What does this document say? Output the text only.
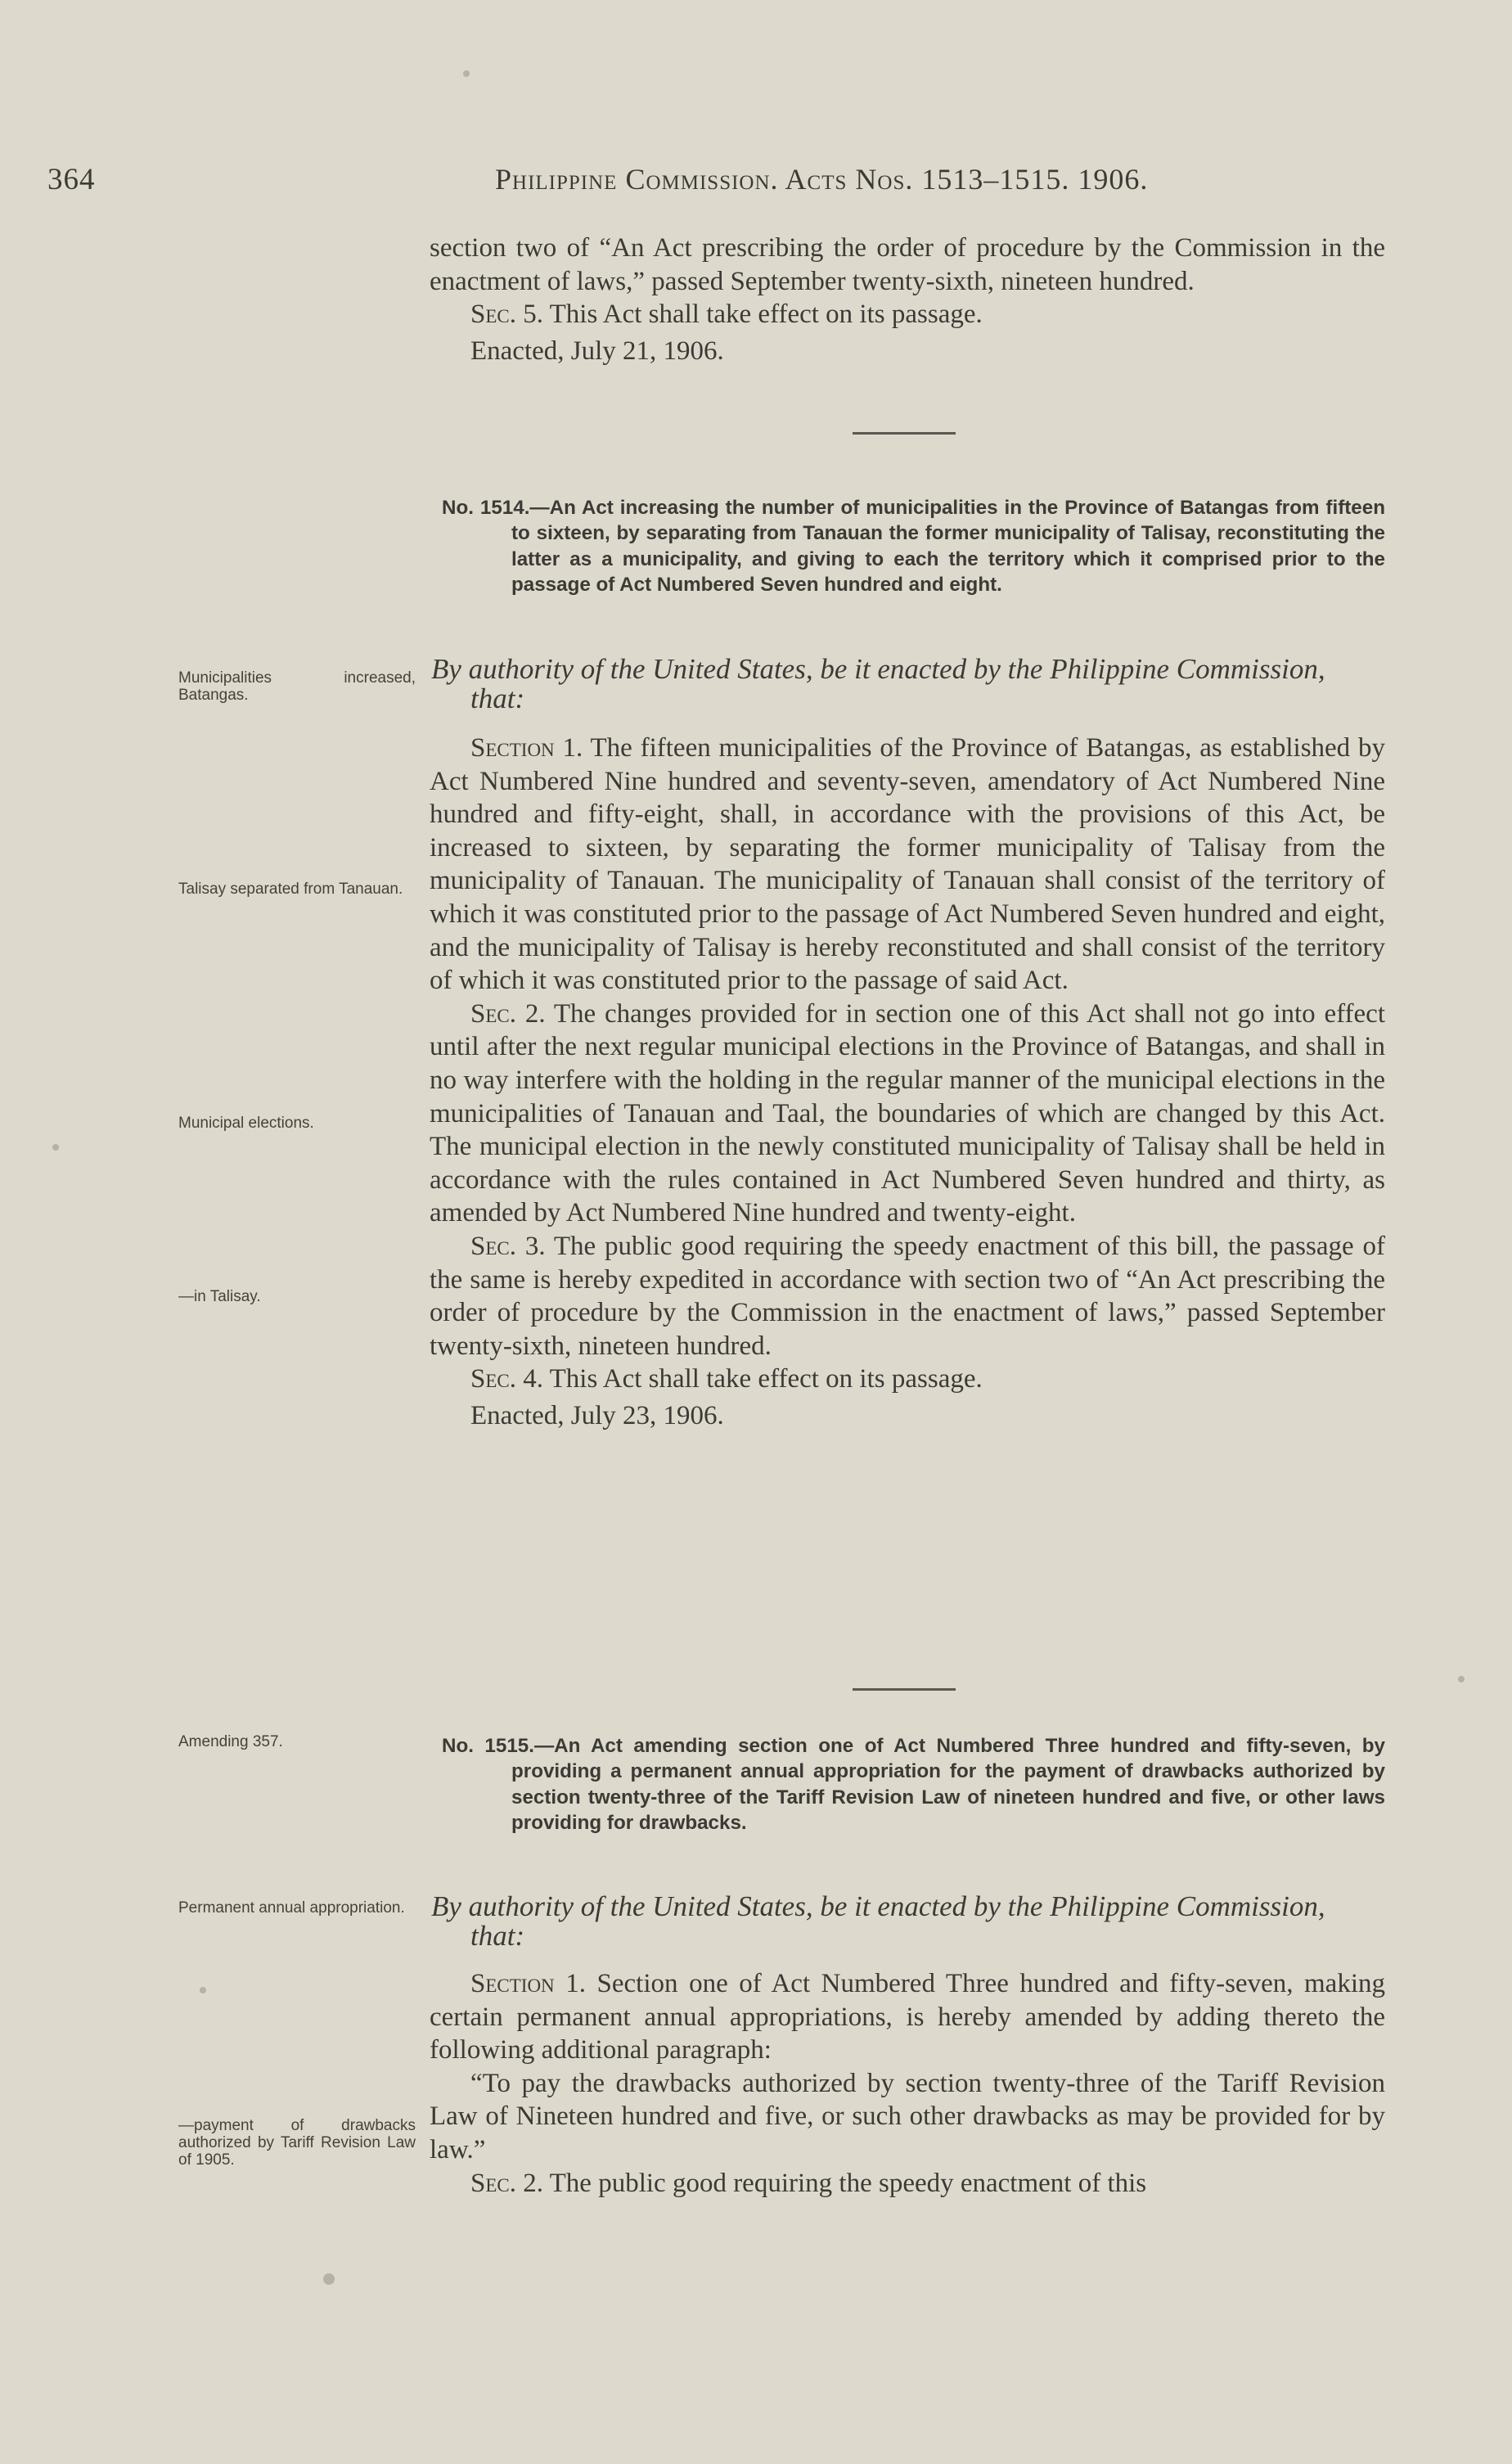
364	Philippine Commission. Acts Nos. 1513–1515. 1906.

section two of “An Act prescribing the order of procedure by the Commission in the enactment of laws,” passed September twenty-sixth, nineteen hundred.

Sec. 5. This Act shall take effect on its passage.

Enacted, July 21, 1906.

No. 1514.—An Act increasing the number of municipalities in the Province of Batangas from fifteen to sixteen, by separating from Tanauan the former municipality of Talisay, reconstituting the latter as a municipality, and giving to each the territory which it comprised prior to the passage of Act Numbered Seven hundred and eight.

By authority of the United States, be it enacted by the Philippine Commission, that:

Section 1. The fifteen municipalities of the Province of Batangas, as established by Act Numbered Nine hundred and seventy-seven, amendatory of Act Numbered Nine hundred and fifty-eight, shall, in accordance with the provisions of this Act, be increased to sixteen, by separating the former municipality of Talisay from the municipality of Tanauan. The municipality of Tanauan shall consist of the territory of which it was constituted prior to the passage of Act Numbered Seven hundred and eight, and the municipality of Talisay is hereby reconstituted and shall consist of the territory of which it was constituted prior to the passage of said Act.

Sec. 2. The changes provided for in section one of this Act shall not go into effect until after the next regular municipal elections in the Province of Batangas, and shall in no way interfere with the holding in the regular manner of the municipal elections in the municipalities of Tanauan and Taal, the boundaries of which are changed by this Act. The municipal election in the newly constituted municipality of Talisay shall be held in accordance with the rules contained in Act Numbered Seven hundred and thirty, as amended by Act Numbered Nine hundred and twenty-eight.

Sec. 3. The public good requiring the speedy enactment of this bill, the passage of the same is hereby expedited in accordance with section two of “An Act prescribing the order of procedure by the Commission in the enactment of laws,” passed September twenty-sixth, nineteen hundred.

Sec. 4. This Act shall take effect on its passage.

Enacted, July 23, 1906.

No. 1515.—An Act amending section one of Act Numbered Three hundred and fifty-seven, by providing a permanent annual appropriation for the payment of drawbacks authorized by section twenty-three of the Tariff Revision Law of nineteen hundred and five, or other laws providing for drawbacks.

By authority of the United States, be it enacted by the Philippine Commission, that:

Section 1. Section one of Act Numbered Three hundred and fifty-seven, making certain permanent annual appropriations, is hereby amended by adding thereto the following additional paragraph:

“To pay the drawbacks authorized by section twenty-three of the Tariff Revision Law of Nineteen hundred and five, or such other drawbacks as may be provided for by law.”

Sec. 2. The public good requiring the speedy enactment of this

Municipalities increased, Batangas.
Talisay separated from Tanauan.
Municipal elections.
—in Talisay.
Amending 357.
Permanent annual appropriation.
—payment of drawbacks authorized by Tariff Revision Law of 1905.
